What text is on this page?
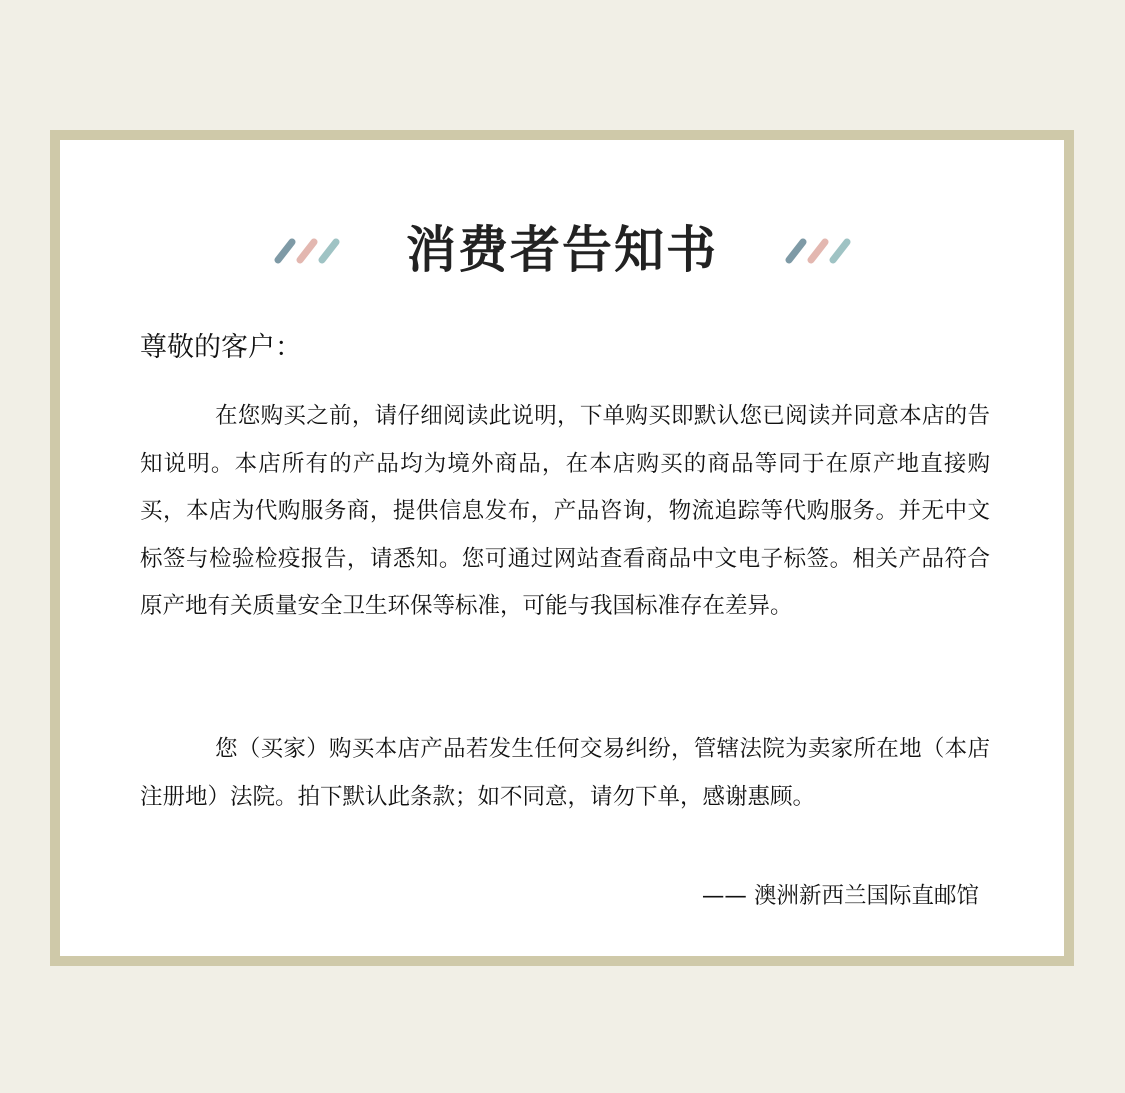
消费者告知书
尊敬的客户：

在您购买之前，请仔细阅读此说明，下单购买即默认您已阅读并同意本店的告知说明。本店所有的产品均为境外商品，在本店购买的商品等同于在原产地直接购买，本店为代购服务商，提供信息发布，产品咨询，物流追踪等代购服务。并无中文标签与检验检疫报告，请悉知。您可通过网站查看商品中文电子标签。相关产品符合原产地有关质量安全卫生环保等标准，可能与我国标准存在差异。

您（买家）购买本店产品若发生任何交易纠纷，管辖法院为卖家所在地（本店注册地）法院。拍下默认此条款；如不同意，请勿下单，感谢惠顾。

—— 澳洲新西兰国际直邮馆
